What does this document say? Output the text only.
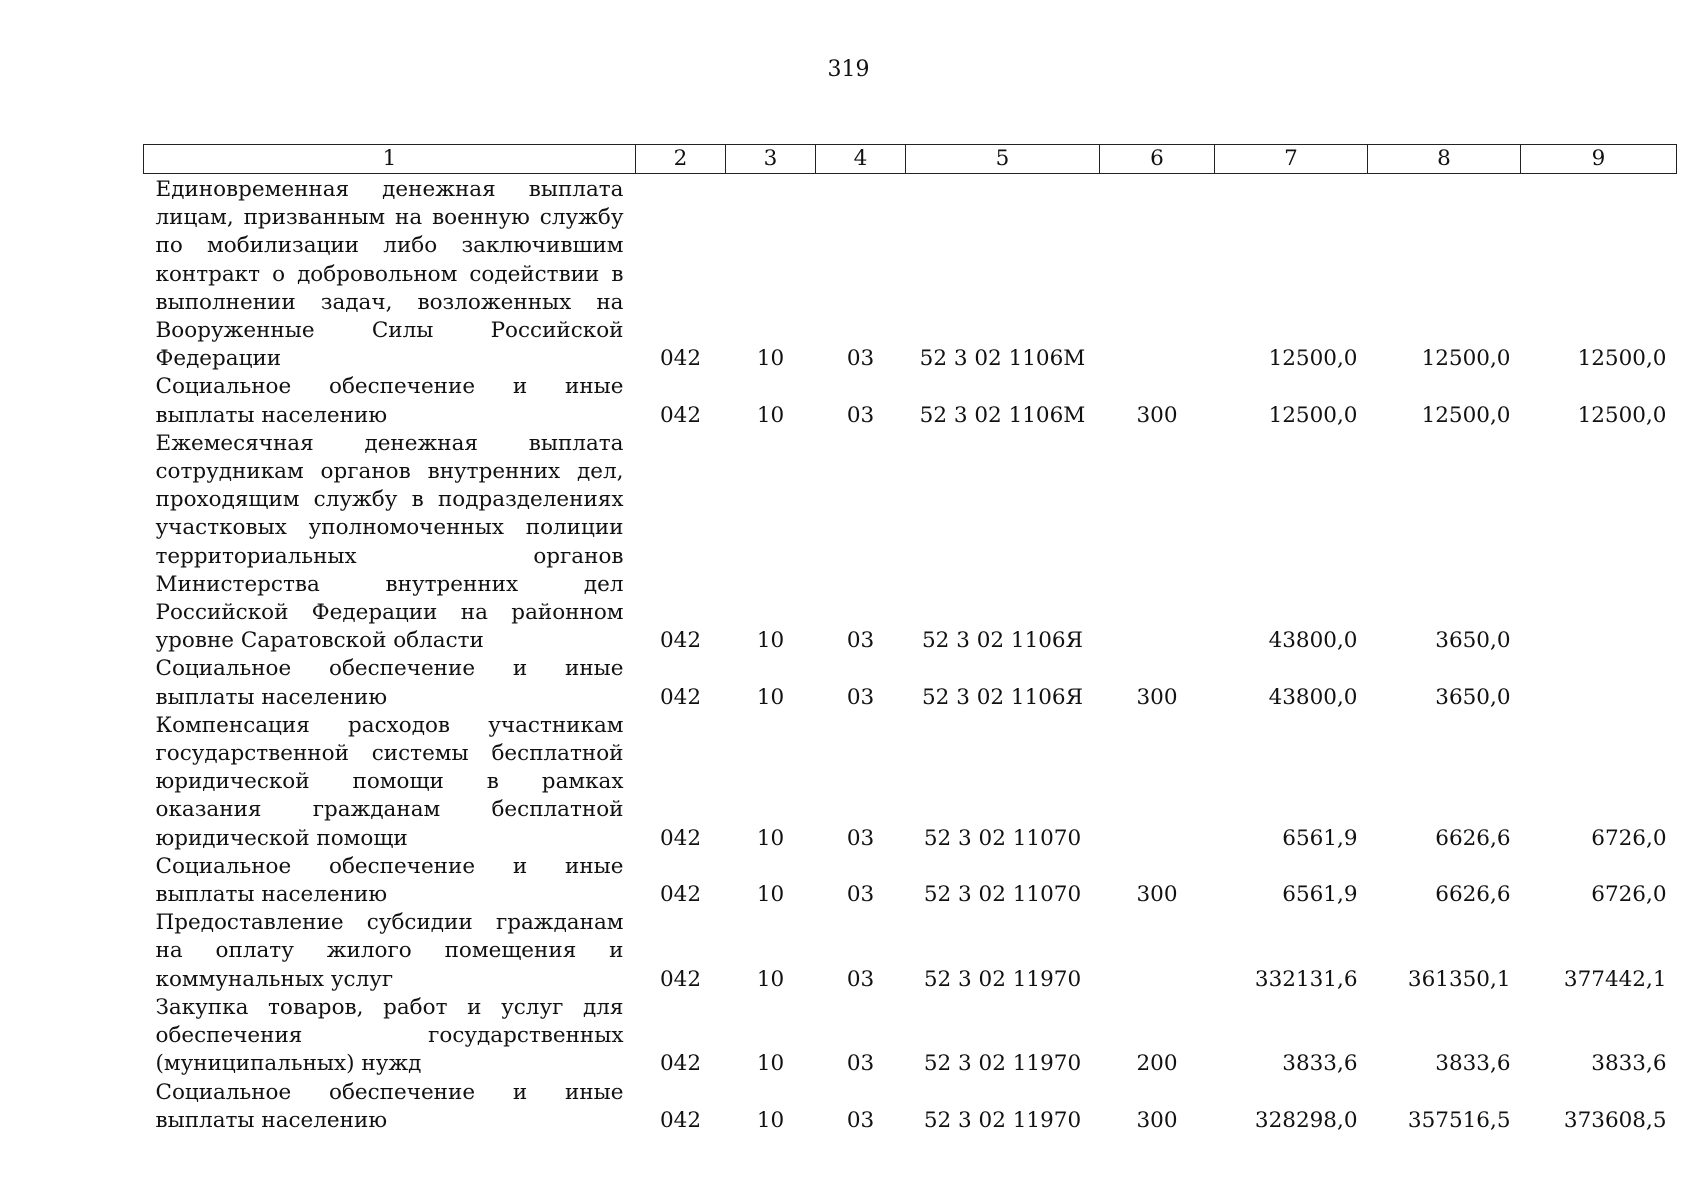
319
1	2	3	4	5	6	7	8	9
Единовременная денежная выплата лицам, призванным на военную службу по мобилизации либо заключившим контракт о добровольном содействии в выполнении задач, возложенных на Вооруженные Силы Российской Федерации	042	10	03	52 3 02 1106М		12500,0	12500,0	12500,0
Социальное обеспечение и иные выплаты населению	042	10	03	52 3 02 1106М	300	12500,0	12500,0	12500,0
Ежемесячная денежная выплата сотрудникам органов внутренних дел, проходящим службу в подразделениях участковых уполномоченных полиции территориальных органов Министерства внутренних дел Российской Федерации на районном уровне Саратовской области	042	10	03	52 3 02 1106Я		43800,0	3650,0	
Социальное обеспечение и иные выплаты населению	042	10	03	52 3 02 1106Я	300	43800,0	3650,0	
Компенсация расходов участникам государственной системы бесплатной юридической помощи в рамках оказания гражданам бесплатной юридической помощи	042	10	03	52 3 02 11070		6561,9	6626,6	6726,0
Социальное обеспечение и иные выплаты населению	042	10	03	52 3 02 11070	300	6561,9	6626,6	6726,0
Предоставление субсидии гражданам на оплату жилого помещения и коммунальных услуг	042	10	03	52 3 02 11970		332131,6	361350,1	377442,1
Закупка товаров, работ и услуг для обеспечения государственных (муниципальных) нужд	042	10	03	52 3 02 11970	200	3833,6	3833,6	3833,6
Социальное обеспечение и иные выплаты населению	042	10	03	52 3 02 11970	300	328298,0	357516,5	373608,5
